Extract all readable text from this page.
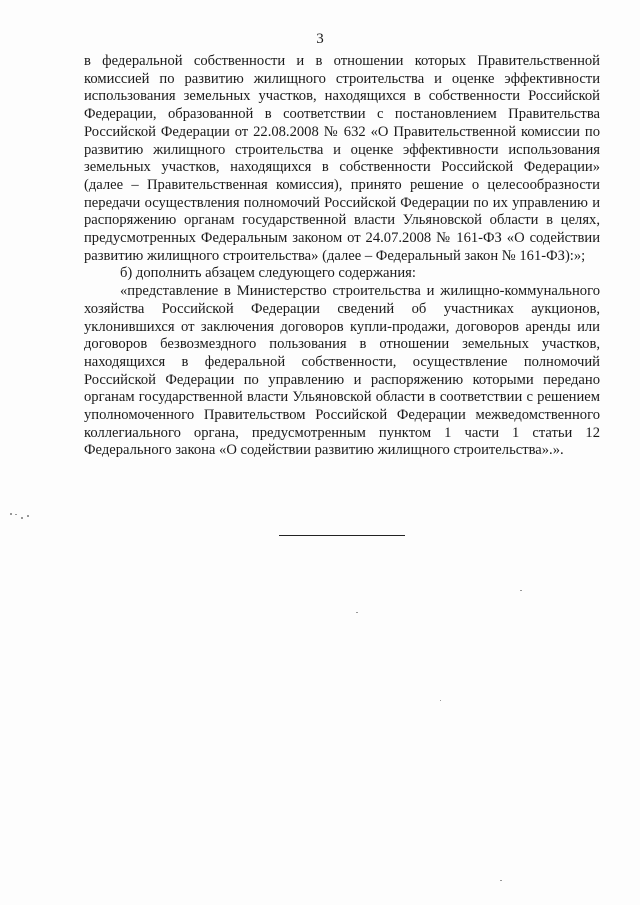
3

в федеральной собственности и в отношении которых Правительственной комиссией по развитию жилищного строительства и оценке эффективности использования земельных участков, находящихся в собственности Российской Федерации, образованной в соответствии с постановлением Правительства Российской Федерации от 22.08.2008 № 632 «О Правительственной комиссии по развитию жилищного строительства и оценке эффективности использования земельных участков, находящихся в собственности Российской Федерации» (далее – Правительственная комиссия), принято решение о целесообразности передачи осуществления полномочий Российской Федерации по их управлению и распоряжению органам государственной власти Ульяновской области в целях, предусмотренных Федеральным законом от 24.07.2008 № 161-ФЗ «О содействии развитию жилищного строительства» (далее – Федеральный закон № 161-ФЗ):»;

б) дополнить абзацем следующего содержания:

«представление в Министерство строительства и жилищно-коммунального хозяйства Российской Федерации сведений об участниках аукционов, уклонившихся от заключения договоров купли-продажи, договоров аренды или договоров безвозмездного пользования в отношении земельных участков, находящихся в федеральной собственности, осуществление полномочий Российской Федерации по управлению и распоряжению которыми передано органам государственной власти Ульяновской области в соответствии с решением уполномоченного Правительством Российской Федерации межведомственного коллегиального органа, предусмотренным пунктом 1 части 1 статьи 12 Федерального закона «О содействии развитию жилищного строительства».».
